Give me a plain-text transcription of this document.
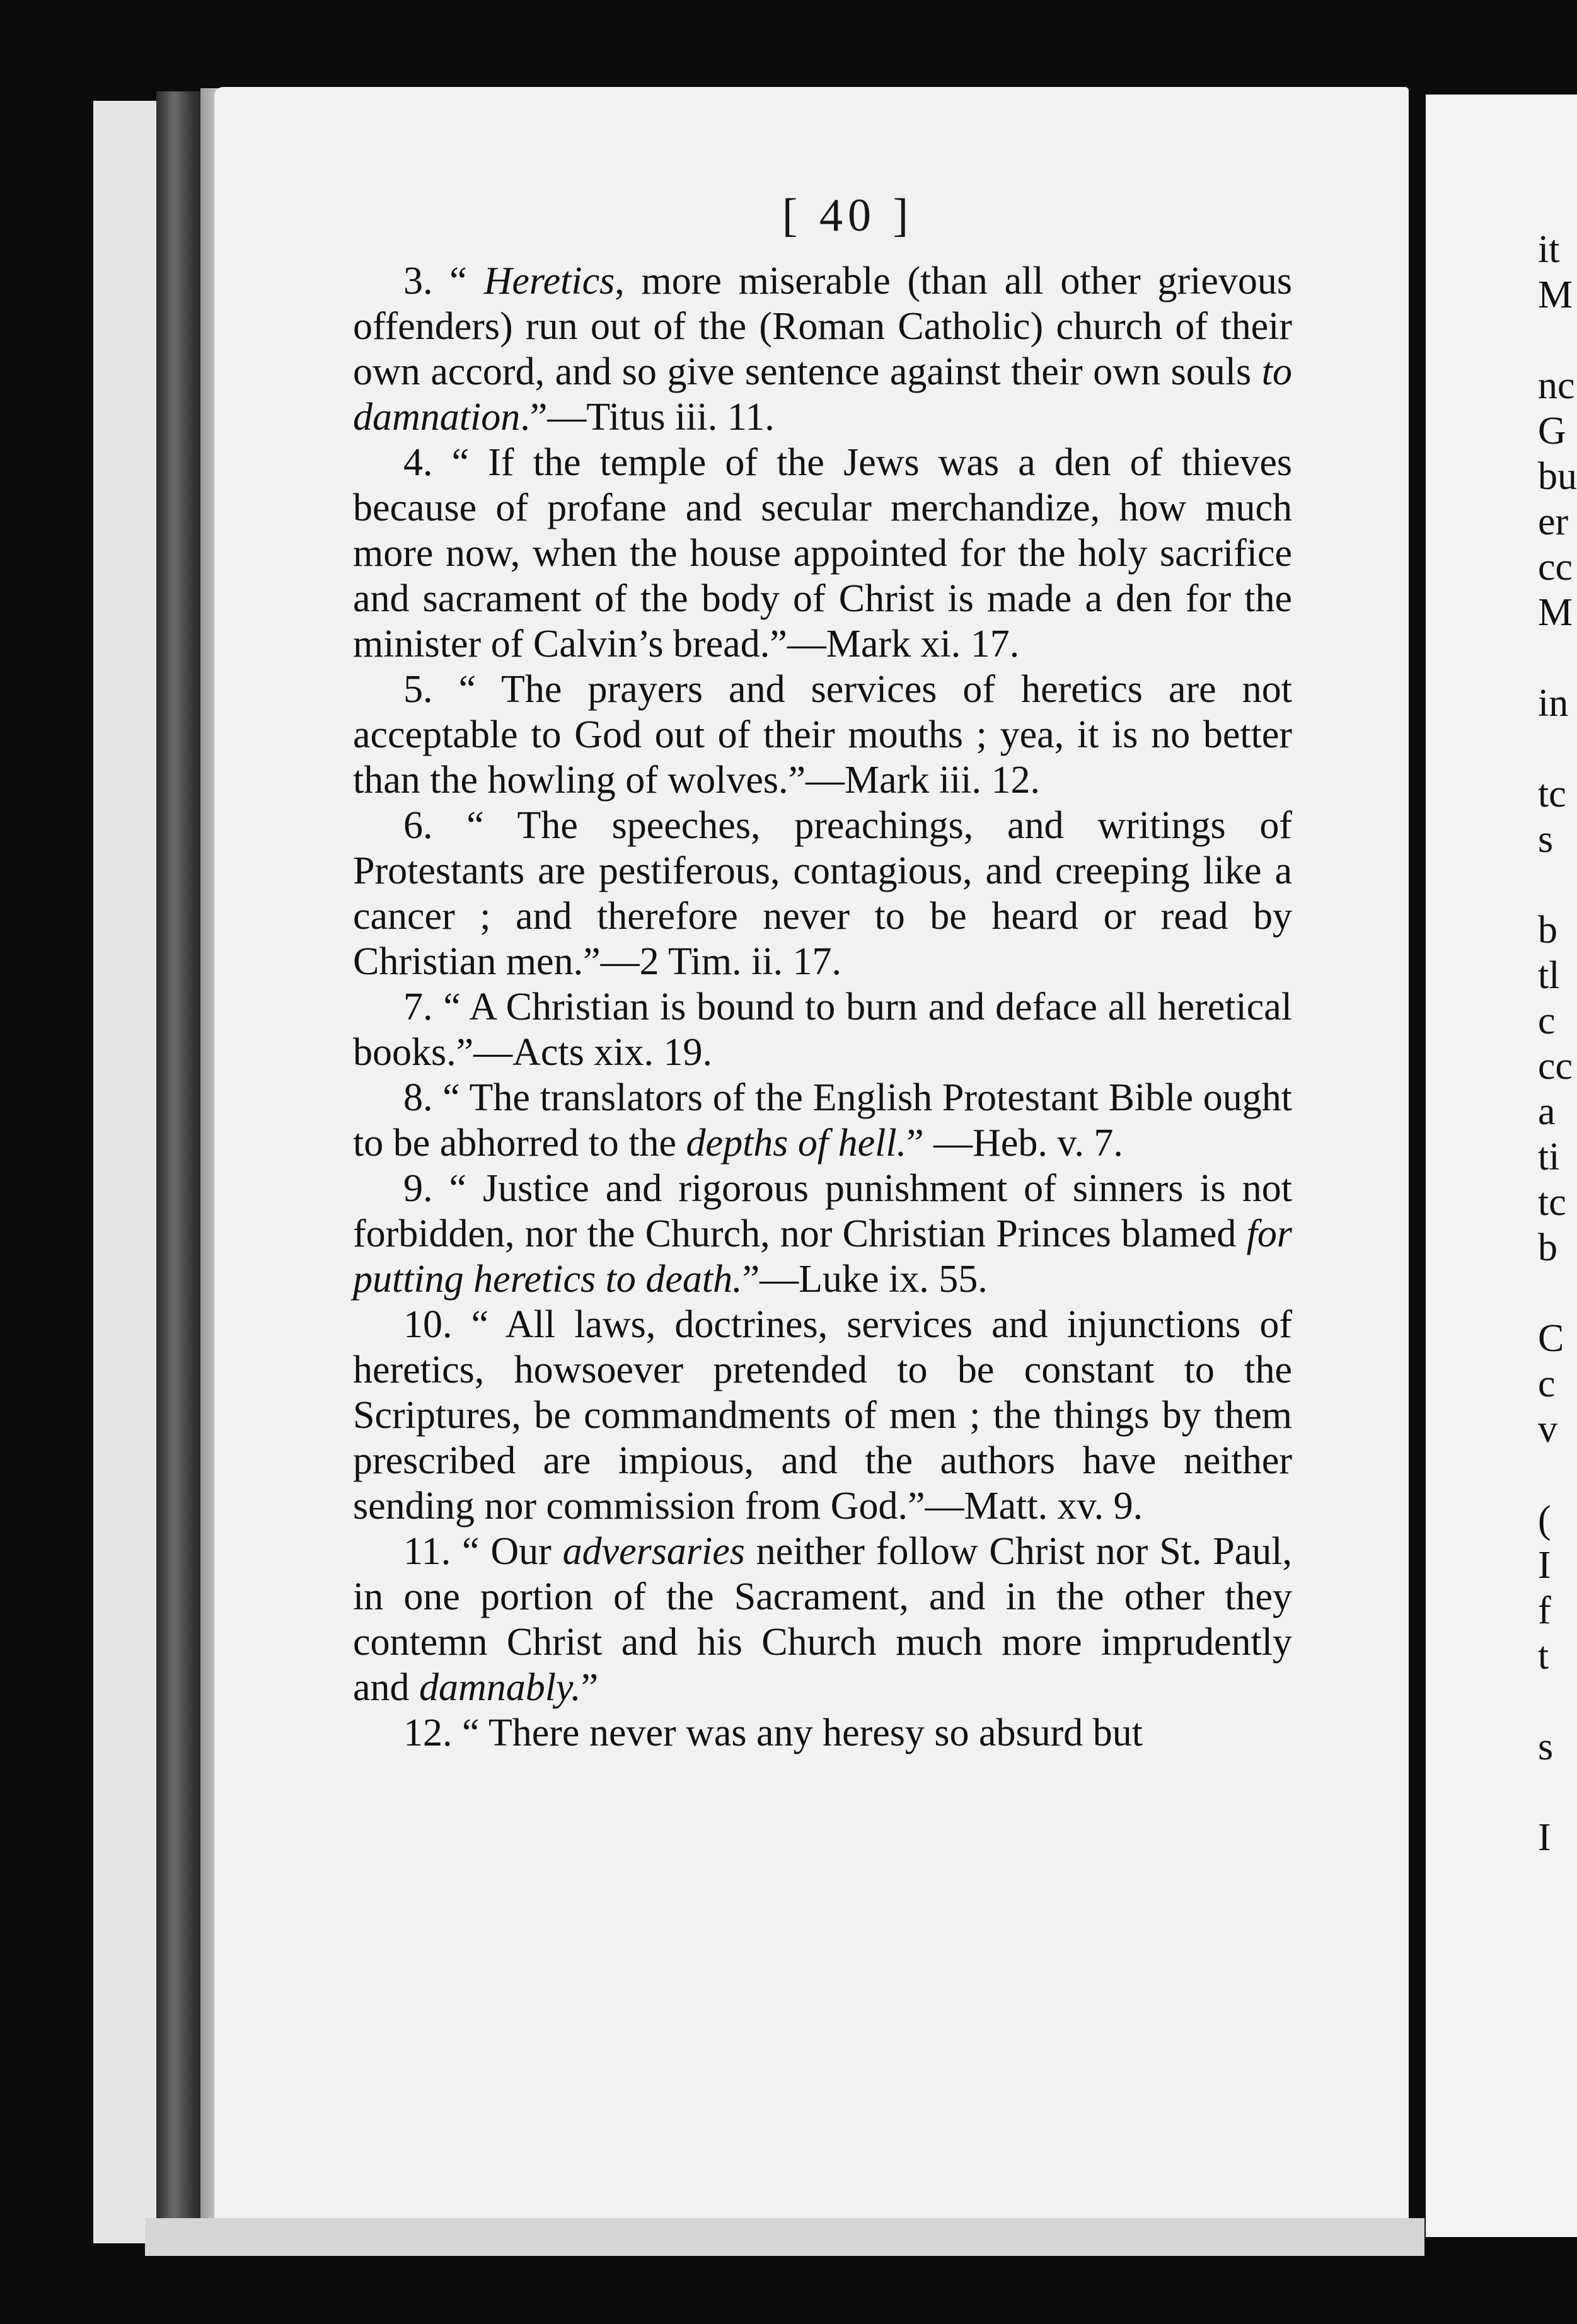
[ 40 ]

3. “ Heretics, more miserable (than all other grievous offenders) run out of the (Roman Catholic) church of their own accord, and so give sentence against their own souls to damnation.”—Titus iii. 11.

4. “ If the temple of the Jews was a den of thieves because of profane and secular merchandize, how much more now, when the house appointed for the holy sacrifice and sacrament of the body of Christ is made a den for the minister of Calvin’s bread.”—Mark xi. 17.

5. “ The prayers and services of heretics are not acceptable to God out of their mouths ; yea, it is no better than the howling of wolves.”—Mark iii. 12.

6. “ The speeches, preachings, and writings of Protestants are pestiferous, contagious, and creeping like a cancer ; and therefore never to be heard or read by Christian men.”—2 Tim. ii. 17.

7. “ A Christian is bound to burn and deface all heretical books.”—Acts xix. 19.

8. “ The translators of the English Protestant Bible ought to be abhorred to the depths of hell.” —Heb. v. 7.

9. “ Justice and rigorous punishment of sinners is not forbidden, nor the Church, nor Christian Princes blamed for putting heretics to death.”—Luke ix. 55.

10. “ All laws, doctrines, services and injunctions of heretics, howsoever pretended to be constant to the Scriptures, be commandments of men ; the things by them prescribed are impious, and the authors have neither sending nor commission from God.”—Matt. xv. 9.

11. “ Our adversaries neither follow Christ nor St. Paul, in one portion of the Sacrament, and in the other they contemn Christ and his Church much more imprudently and damnably.”

12. “ There never was any heresy so absurd but

it
M
nc
G
bu
er
cc
M
in
tc
s
b
tl
c
cc
a
ti
tc
b
C
c
v
(
I
f
t
s
I
